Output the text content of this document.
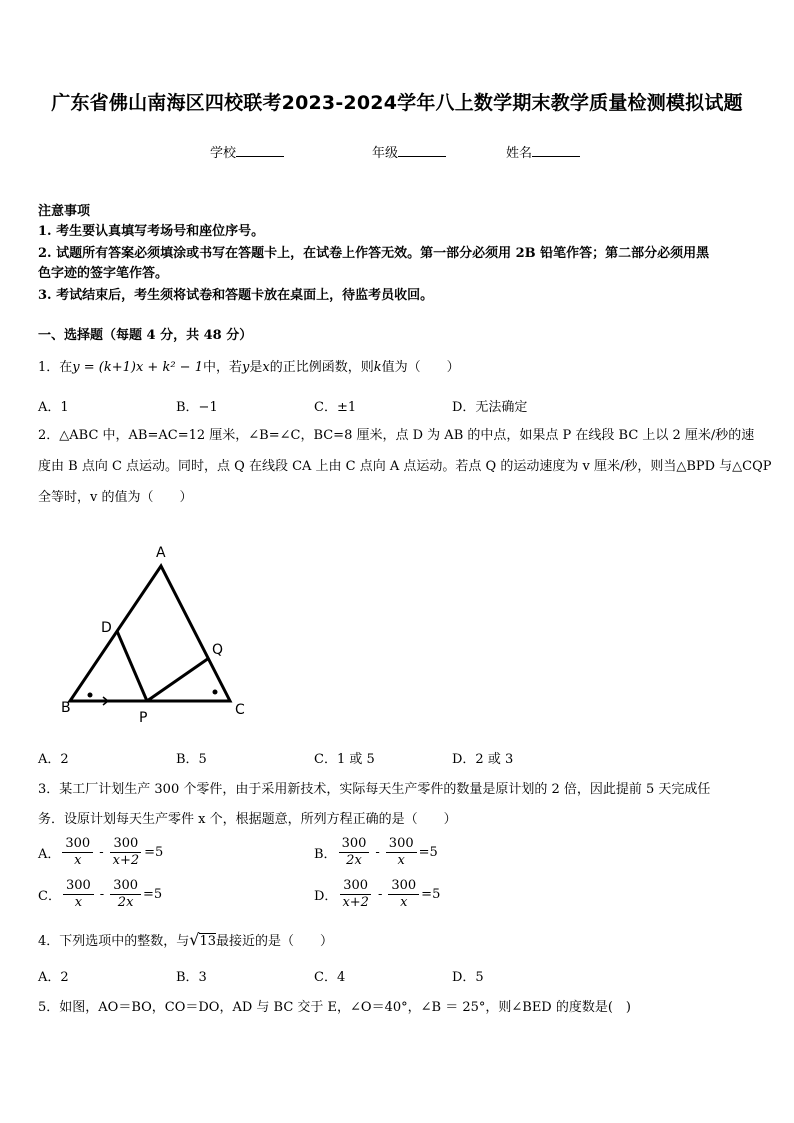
广东省佛山南海区四校联考2023-2024学年八上数学期末教学质量检测模拟试题
学校	年级	姓名
注意事项
1. 考生要认真填写考场号和座位序号。
2. 试题所有答案必须填涂或书写在答题卡上，在试卷上作答无效。第一部分必须用 2B 铅笔作答；第二部分必须用黑
色字迹的签字笔作答。
3. 考试结束后，考生须将试卷和答题卡放在桌面上，待监考员收回。
一、选择题（每题 4 分，共 48 分）
1．在y = (k+1)x + k² − 1中，若y是x的正比例函数，则k值为（　　）
A．1	B．−1	C．±1	D．无法确定
2．△ABC 中，AB=AC=12 厘米，∠B=∠C，BC=8 厘米，点 D 为 AB 的中点，如果点 P 在线段 BC 上以 2 厘米/秒的速
度由 B 点向 C 点运动。同时，点 Q 在线段 CA 上由 C 点向 A 点运动。若点 Q 的运动速度为 v 厘米/秒，则当△BPD 与△CQP
全等时，v 的值为（　　）
A
D
Q
B	C
P
A．2	B．5	C．1 或 5	D．2 或 3
3．某工厂计划生产 300 个零件，由于采用新技术，实际每天生产零件的数量是原计划的 2 倍，因此提前 5 天完成任
务．设原计划每天生产零件 x 个，根据题意，所列方程正确的是（　　）
A． $\frac{300}{x} - \frac{300}{x+2} =5$	B． $\frac{300}{2x} - \frac{300}{x} =5$
C． $\frac{300}{x} - \frac{300}{2x} =5$	D． $\frac{300}{x+2} - \frac{300}{x} =5$
4．下列选项中的整数，与√13最接近的是（　　）
A．2	B．3	C．4	D．5
5．如图，AO＝BO，CO＝DO，AD 与 BC 交于 E，∠O＝40°，∠B ＝ 25°，则∠BED 的度数是(　)
